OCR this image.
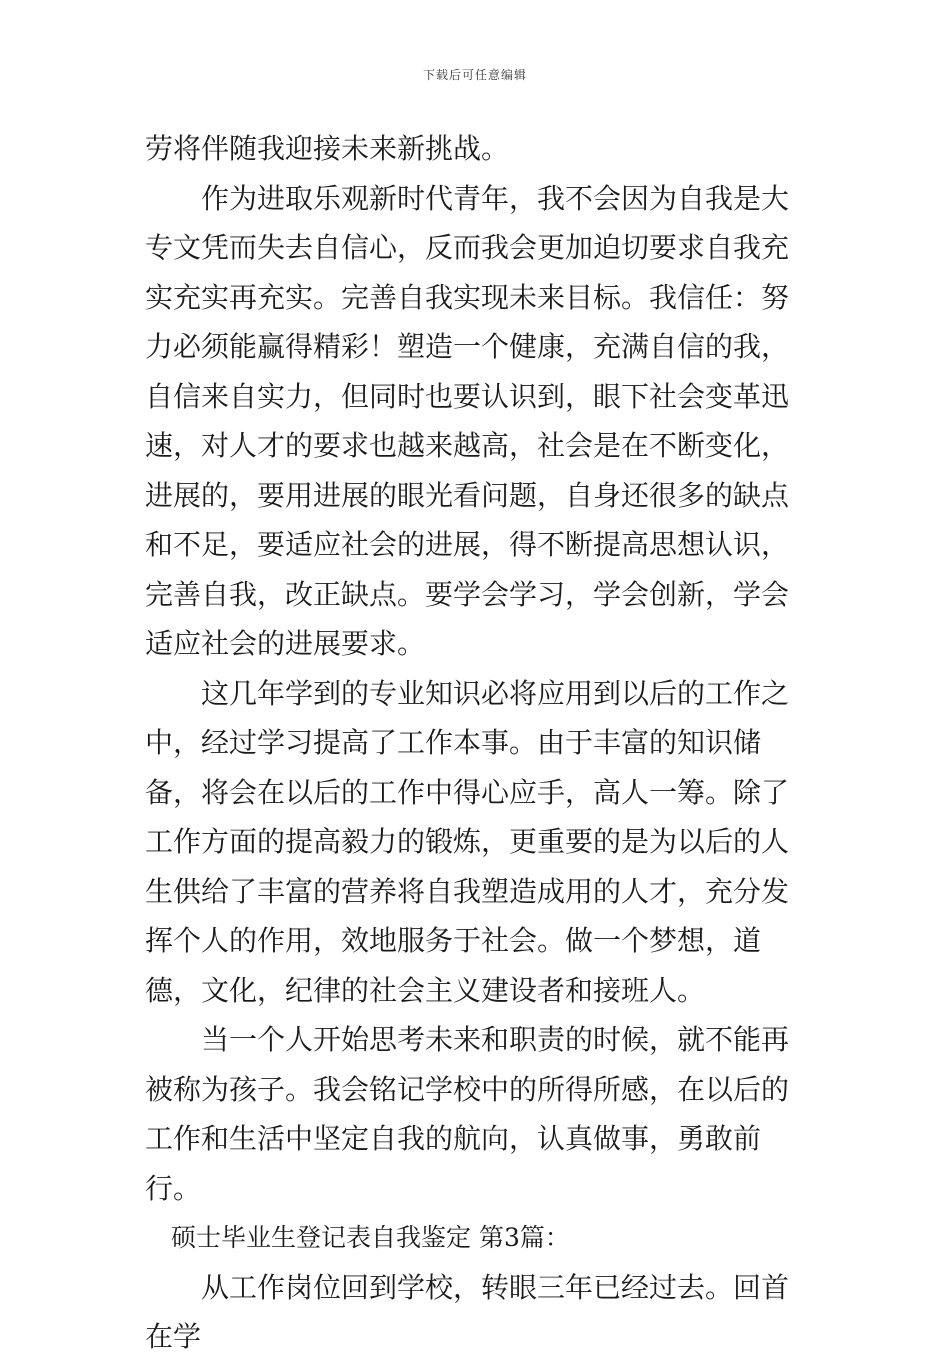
下载后可任意编辑

劳将伴随我迎接未来新挑战。

作为进取乐观新时代青年，我不会因为自我是大专文凭而失去自信心，反而我会更加迫切要求自我充实充实再充实。完善自我实现未来目标。我信任：努力必须能赢得精彩！塑造一个健康，充满自信的我，自信来自实力，但同时也要认识到，眼下社会变革迅速，对人才的要求也越来越高，社会是在不断变化，进展的，要用进展的眼光看问题，自身还很多的缺点和不足，要适应社会的进展，得不断提高思想认识，完善自我，改正缺点。要学会学习，学会创新，学会适应社会的进展要求。

这几年学到的专业知识必将应用到以后的工作之中，经过学习提高了工作本事。由于丰富的知识储备，将会在以后的工作中得心应手，高人一筹。除了工作方面的提高毅力的锻炼，更重要的是为以后的人生供给了丰富的营养将自我塑造成用的人才，充分发挥个人的作用，效地服务于社会。做一个梦想，道德，文化，纪律的社会主义建设者和接班人。

当一个人开始思考未来和职责的时候，就不能再被称为孩子。我会铭记学校中的所得所感，在以后的工作和生活中坚定自我的航向，认真做事，勇敢前行。

硕士毕业生登记表自我鉴定 第3篇：

从工作岗位回到学校，转眼三年已经过去。回首在学
